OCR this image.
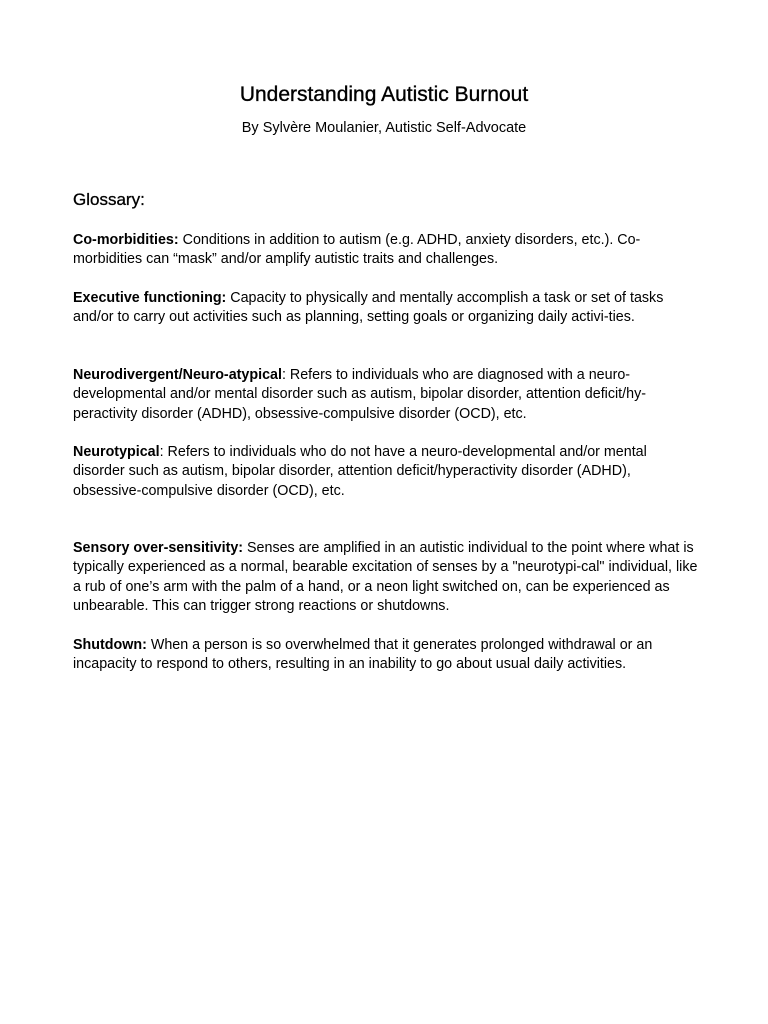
Understanding Autistic Burnout

By Sylvère Moulanier, Autistic Self-Advocate

Glossary:

Co-morbidities: Conditions in addition to autism (e.g. ADHD, anxiety disorders, etc.). Co-morbidities can “mask” and/or amplify autistic traits and challenges.

Executive functioning: Capacity to physically and mentally accomplish a task or set of tasks and/or to carry out activities such as planning, setting goals or organizing daily activi-ties.

Neurodivergent/Neuro-atypical: Refers to individuals who are diagnosed with a neuro-developmental and/or mental disorder such as autism, bipolar disorder, attention deficit/hy-peractivity disorder (ADHD), obsessive-compulsive disorder (OCD), etc.

Neurotypical: Refers to individuals who do not have a neuro-developmental and/or mental disorder such as autism, bipolar disorder, attention deficit/hyperactivity disorder (ADHD), obsessive-compulsive disorder (OCD), etc.

Sensory over-sensitivity: Senses are amplified in an autistic individual to the point where what is typically experienced as a normal, bearable excitation of senses by a "neurotypi-cal" individual, like a rub of one’s arm with the palm of a hand, or a neon light switched on, can be experienced as unbearable. This can trigger strong reactions or shutdowns.

Shutdown: When a person is so overwhelmed that it generates prolonged withdrawal or an incapacity to respond to others, resulting in an inability to go about usual daily activities.
